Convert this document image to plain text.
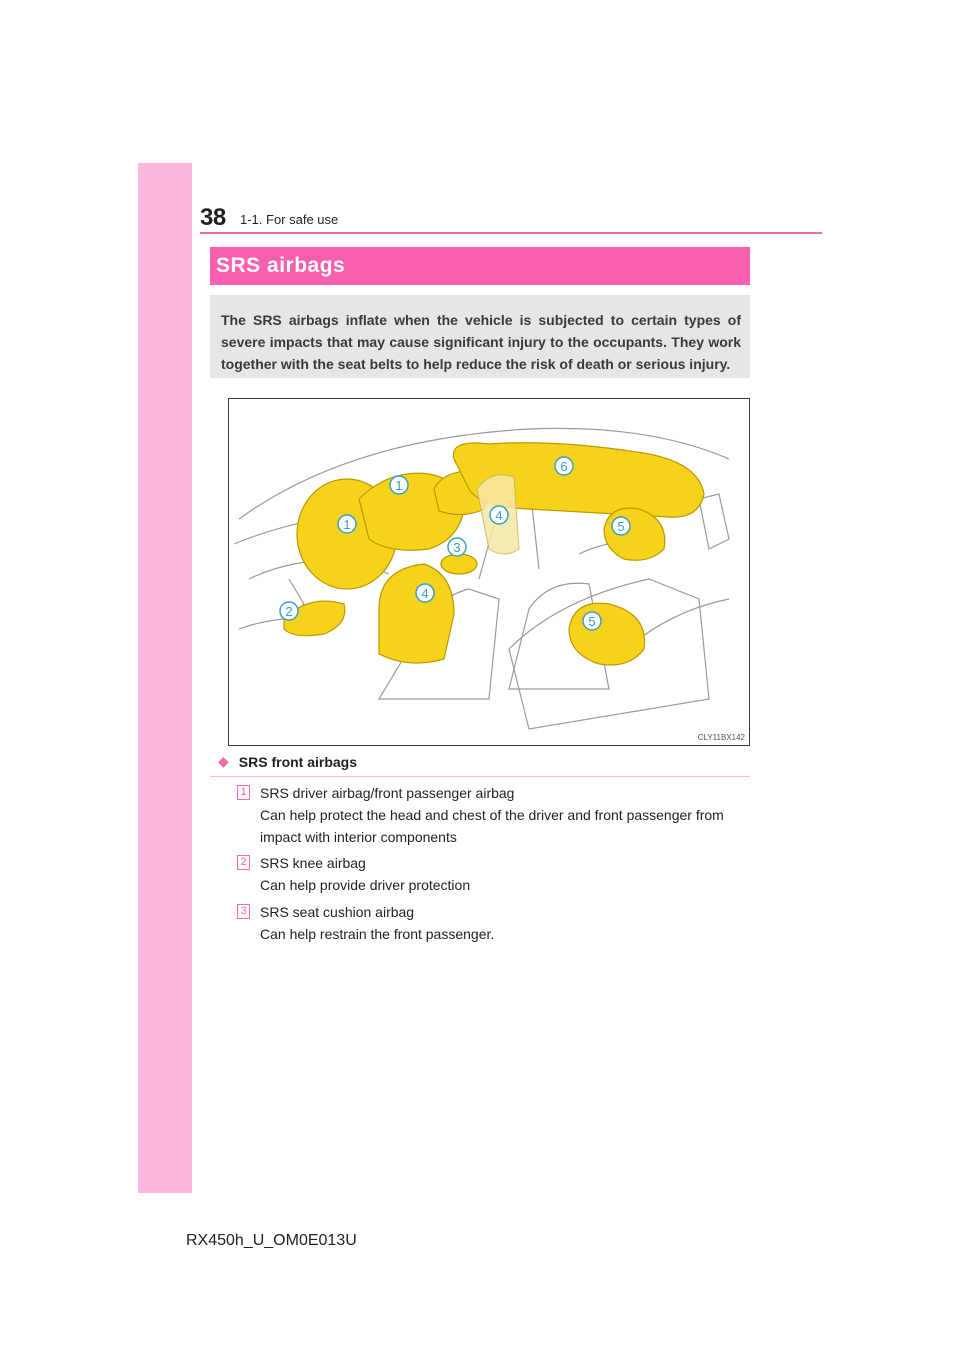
38 1-1. For safe use
SRS airbags
The SRS airbags inflate when the vehicle is subjected to certain types of severe impacts that may cause significant injury to the occupants. They work together with the seat belts to help reduce the risk of death or serious injury.
1
1
2
3
4
4
5
5
6
CLY11BX142
◆ SRS front airbags
1 SRS driver airbag/front passenger airbag
Can help protect the head and chest of the driver and front passenger from impact with interior components
2 SRS knee airbag
Can help provide driver protection
3 SRS seat cushion airbag
Can help restrain the front passenger.
RX450h_U_OM0E013U
